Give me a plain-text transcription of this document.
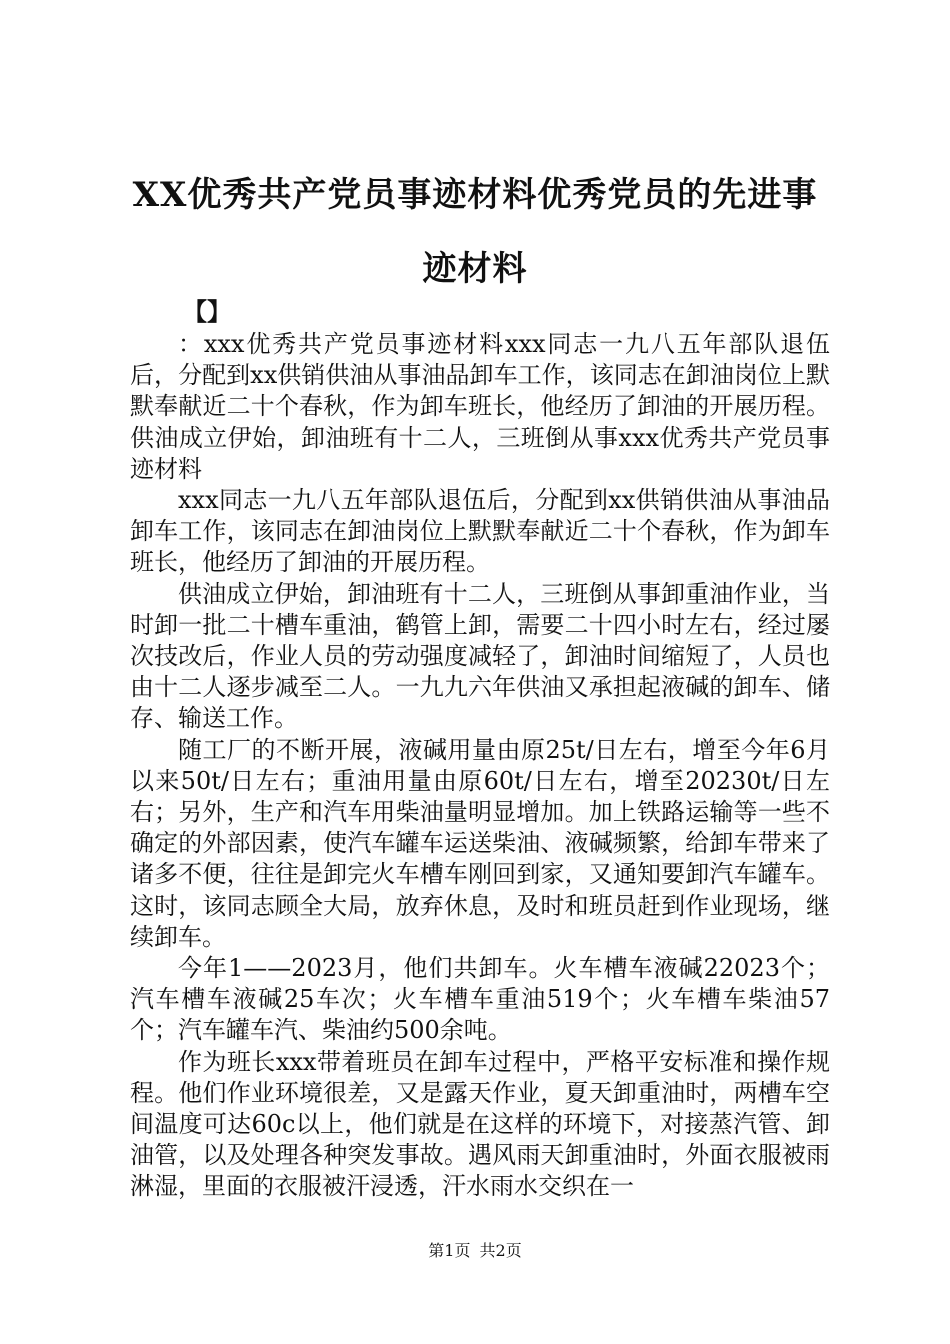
XX优秀共产党员事迹材料优秀党员的先进事
迹材料
【】

：xxx优秀共产党员事迹材料xxx同志一九八五年部队退伍后，分配到xx供销供油从事油品卸车工作，该同志在卸油岗位上默默奉献近二十个春秋，作为卸车班长，他经历了卸油的开展历程。供油成立伊始，卸油班有十二人，三班倒从事xxx优秀共产党员事迹材料

xxx同志一九八五年部队退伍后，分配到xx供销供油从事油品卸车工作，该同志在卸油岗位上默默奉献近二十个春秋，作为卸车班长，他经历了卸油的开展历程。

供油成立伊始，卸油班有十二人，三班倒从事卸重油作业，当时卸一批二十槽车重油，鹤管上卸，需要二十四小时左右，经过屡次技改后，作业人员的劳动强度减轻了，卸油时间缩短了，人员也由十二人逐步减至二人。一九九六年供油又承担起液碱的卸车、储存、输送工作。

随工厂的不断开展，液碱用量由原25t/日左右，增至今年6月以来50t/日左右；重油用量由原60t/日左右，增至20230t/日左右；另外，生产和汽车用柴油量明显增加。加上铁路运输等一些不确定的外部因素，使汽车罐车运送柴油、液碱频繁，给卸车带来了诸多不便，往往是卸完火车槽车刚回到家，又通知要卸汽车罐车。这时，该同志顾全大局，放弃休息，及时和班员赶到作业现场，继续卸车。

今年1——2023月，他们共卸车。火车槽车液碱22023个；汽车槽车液碱25车次；火车槽车重油519个；火车槽车柴油57个；汽车罐车汽、柴油约500余吨。

作为班长xxx带着班员在卸车过程中，严格平安标准和操作规程。他们作业环境很差，又是露天作业，夏天卸重油时，两槽车空间温度可达60c以上，他们就是在这样的环境下，对接蒸汽管、卸油管，以及处理各种突发事故。遇风雨天卸重油时，外面衣服被雨淋湿，里面的衣服被汗浸透，汗水雨水交织在一

第1页 共2页
